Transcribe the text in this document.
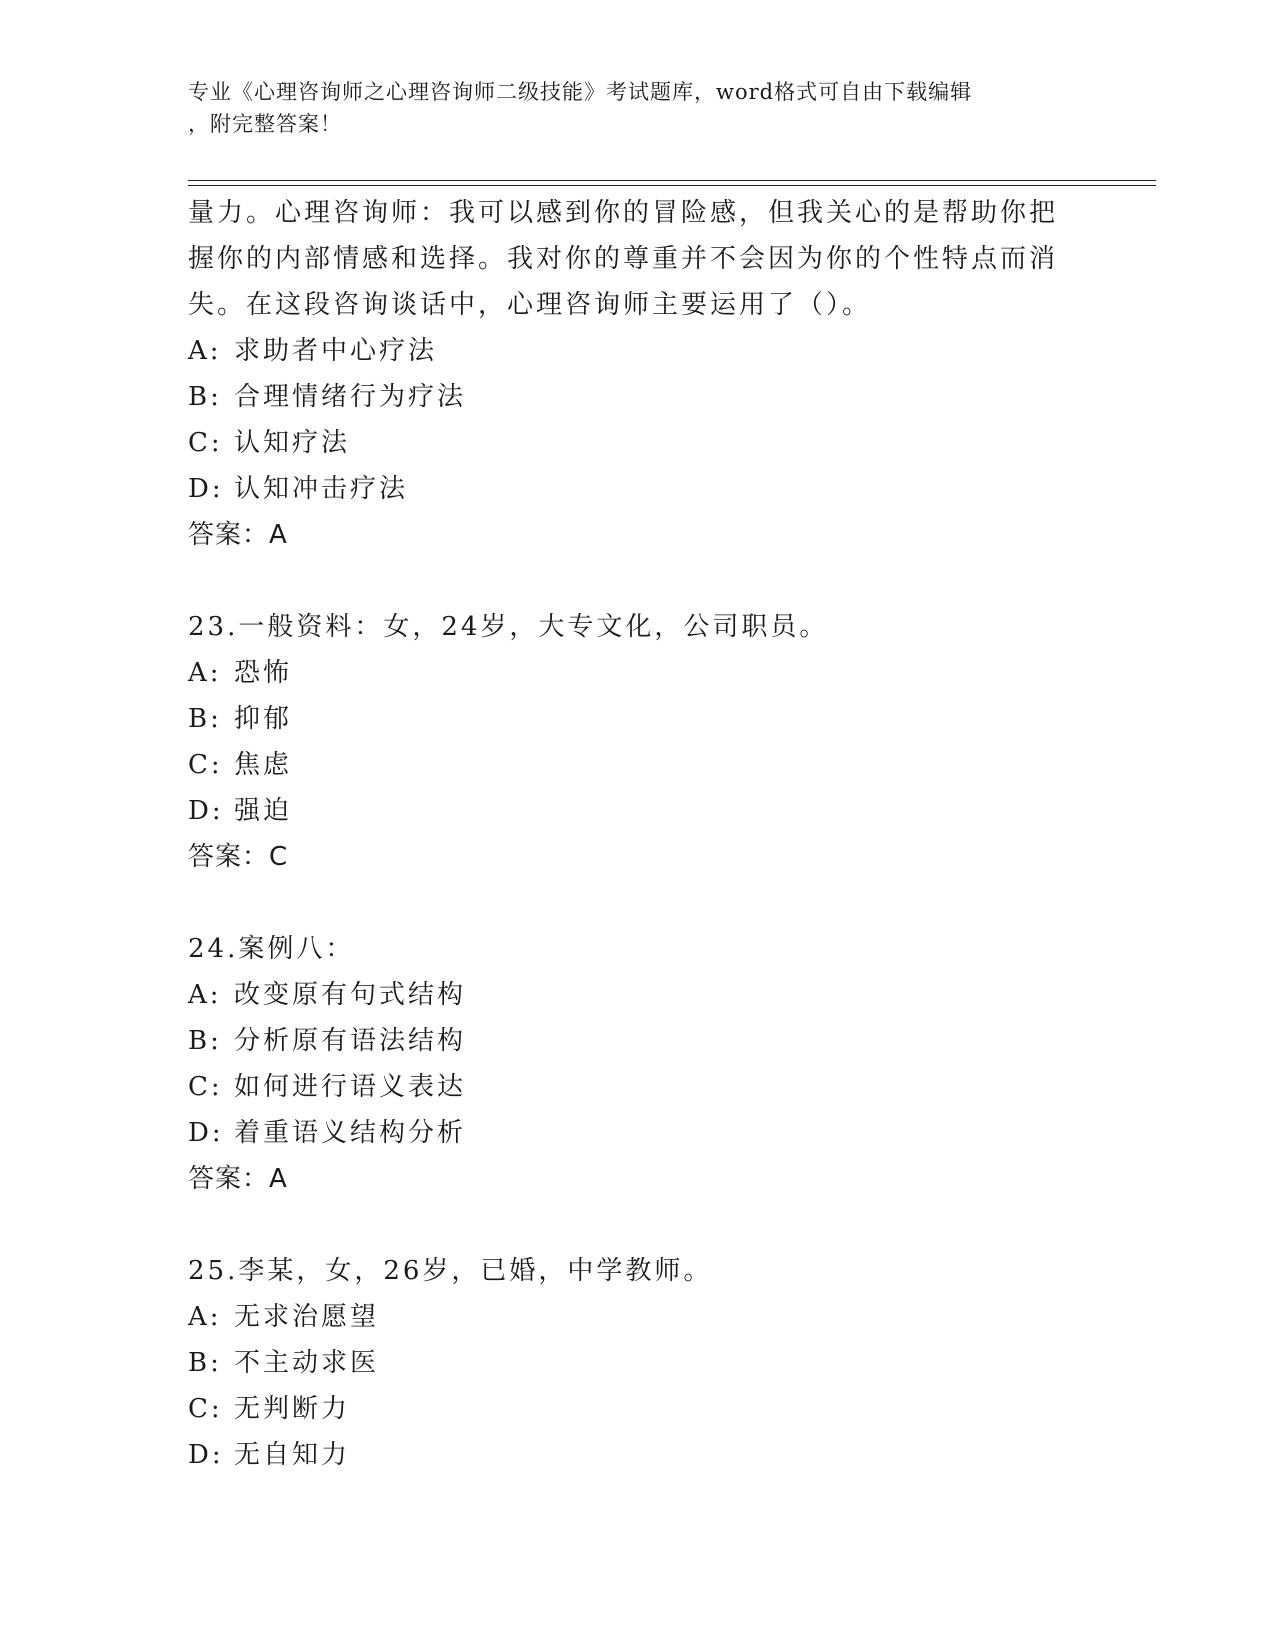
专业《心理咨询师之心理咨询师二级技能》考试题库，word格式可自由下载编辑
，附完整答案！
量力。心理咨询师：我可以感到你的冒险感，但我关心的是帮助你把
握你的内部情感和选择。我对你的尊重并不会因为你的个性特点而消
失。在这段咨询谈话中，心理咨询师主要运用了（）。
A: 求助者中心疗法
B: 合理情绪行为疗法
C: 认知疗法
D: 认知冲击疗法
答案：A
23.一般资料：女，24岁，大专文化，公司职员。
A: 恐怖
B: 抑郁
C: 焦虑
D: 强迫
答案：C
24.案例八：
A: 改变原有句式结构
B: 分析原有语法结构
C: 如何进行语义表达
D: 着重语义结构分析
答案：A
25.李某，女，26岁，已婚，中学教师。
A: 无求治愿望
B: 不主动求医
C: 无判断力
D: 无自知力
